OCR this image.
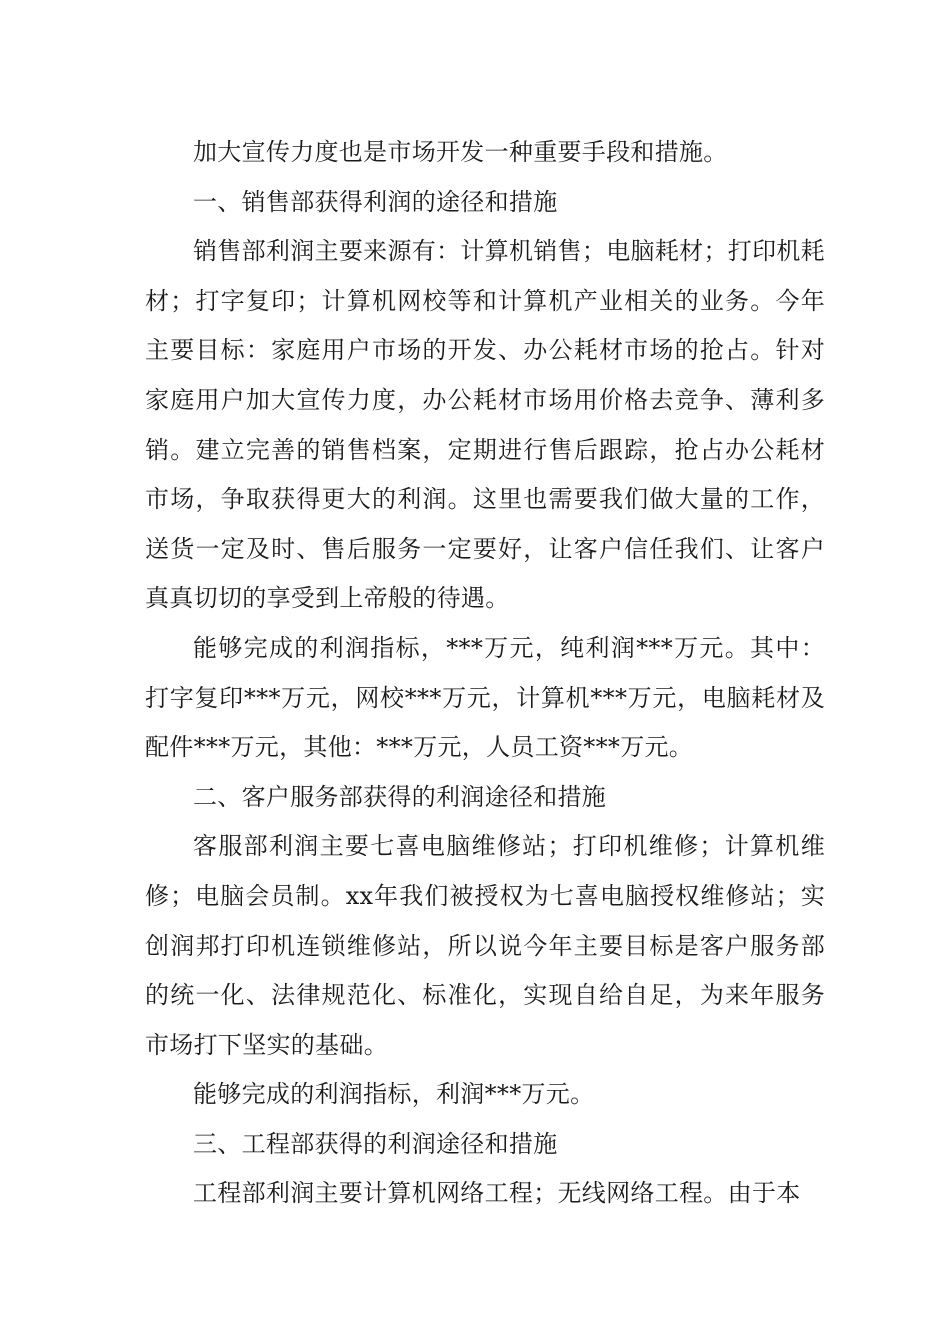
加大宣传力度也是市场开发一种重要手段和措施。

一、销售部获得利润的途径和措施

销售部利润主要来源有：计算机销售；电脑耗材；打印机耗材；打字复印；计算机网校等和计算机产业相关的业务。今年主要目标：家庭用户市场的开发、办公耗材市场的抢占。针对家庭用户加大宣传力度，办公耗材市场用价格去竞争、薄利多销。建立完善的销售档案，定期进行售后跟踪，抢占办公耗材市场，争取获得更大的利润。这里也需要我们做大量的工作，送货一定及时、售后服务一定要好，让客户信任我们、让客户真真切切的享受到上帝般的待遇。

能够完成的利润指标，***万元，纯利润***万元。其中：打字复印***万元，网校***万元，计算机***万元，电脑耗材及配件***万元，其他：***万元，人员工资***万元。

二、客户服务部获得的利润途径和措施

客服部利润主要七喜电脑维修站；打印机维修；计算机维修；电脑会员制。xx年我们被授权为七喜电脑授权维修站；实创润邦打印机连锁维修站，所以说今年主要目标是客户服务部的统一化、法律规范化、标准化，实现自给自足，为来年服务市场打下坚实的基础。

能够完成的利润指标，利润***万元。

三、工程部获得的利润途径和措施

工程部利润主要计算机网络工程；无线网络工程。由于本
